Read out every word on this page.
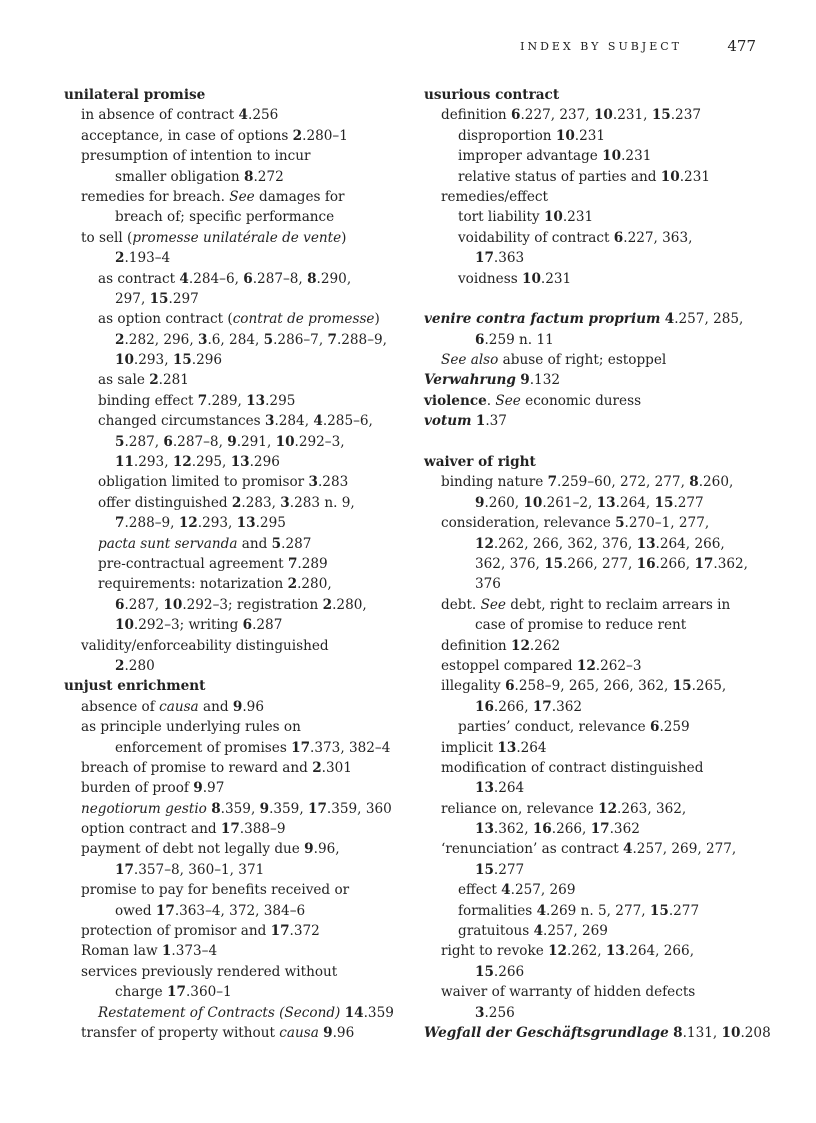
INDEX BY SUBJECT	477
unilateral promise
in absence of contract 4.256
acceptance, in case of options 2.280–1
presumption of intention to incur
smaller obligation 8.272
remedies for breach. See damages for
breach of; specific performance
to sell (promesse unilatérale de vente)
2.193–4
as contract 4.284–6, 6.287–8, 8.290,
297, 15.297
as option contract (contrat de promesse)
2.282, 296, 3.6, 284, 5.286–7, 7.288–9,
10.293, 15.296
as sale 2.281
binding effect 7.289, 13.295
changed circumstances 3.284, 4.285–6,
5.287, 6.287–8, 9.291, 10.292–3,
11.293, 12.295, 13.296
obligation limited to promisor 3.283
offer distinguished 2.283, 3.283 n. 9,
7.288–9, 12.293, 13.295
pacta sunt servanda and 5.287
pre-contractual agreement 7.289
requirements: notarization 2.280,
6.287, 10.292–3; registration 2.280,
10.292–3; writing 6.287
validity/enforceability distinguished
2.280
unjust enrichment
absence of causa and 9.96
as principle underlying rules on
enforcement of promises 17.373, 382–4
breach of promise to reward and 2.301
burden of proof 9.97
negotiorum gestio 8.359, 9.359, 17.359, 360
option contract and 17.388–9
payment of debt not legally due 9.96,
17.357–8, 360–1, 371
promise to pay for benefits received or
owed 17.363–4, 372, 384–6
protection of promisor and 17.372
Roman law 1.373–4
services previously rendered without
charge 17.360–1
Restatement of Contracts (Second) 14.359
transfer of property without causa 9.96
usurious contract
definition 6.227, 237, 10.231, 15.237
disproportion 10.231
improper advantage 10.231
relative status of parties and 10.231
remedies/effect
tort liability 10.231
voidability of contract 6.227, 363,
17.363
voidness 10.231
venire contra factum proprium 4.257, 285,
6.259 n. 11
See also abuse of right; estoppel
Verwahrung 9.132
violence. See economic duress
votum 1.37
waiver of right
binding nature 7.259–60, 272, 277, 8.260,
9.260, 10.261–2, 13.264, 15.277
consideration, relevance 5.270–1, 277,
12.262, 266, 362, 376, 13.264, 266,
362, 376, 15.266, 277, 16.266, 17.362,
376
debt. See debt, right to reclaim arrears in
case of promise to reduce rent
definition 12.262
estoppel compared 12.262–3
illegality 6.258–9, 265, 266, 362, 15.265,
16.266, 17.362
parties’ conduct, relevance 6.259
implicit 13.264
modification of contract distinguished
13.264
reliance on, relevance 12.263, 362,
13.362, 16.266, 17.362
‘renunciation’ as contract 4.257, 269, 277,
15.277
effect 4.257, 269
formalities 4.269 n. 5, 277, 15.277
gratuitous 4.257, 269
right to revoke 12.262, 13.264, 266,
15.266
waiver of warranty of hidden defects
3.256
Wegfall der Geschäftsgrundlage 8.131, 10.208
